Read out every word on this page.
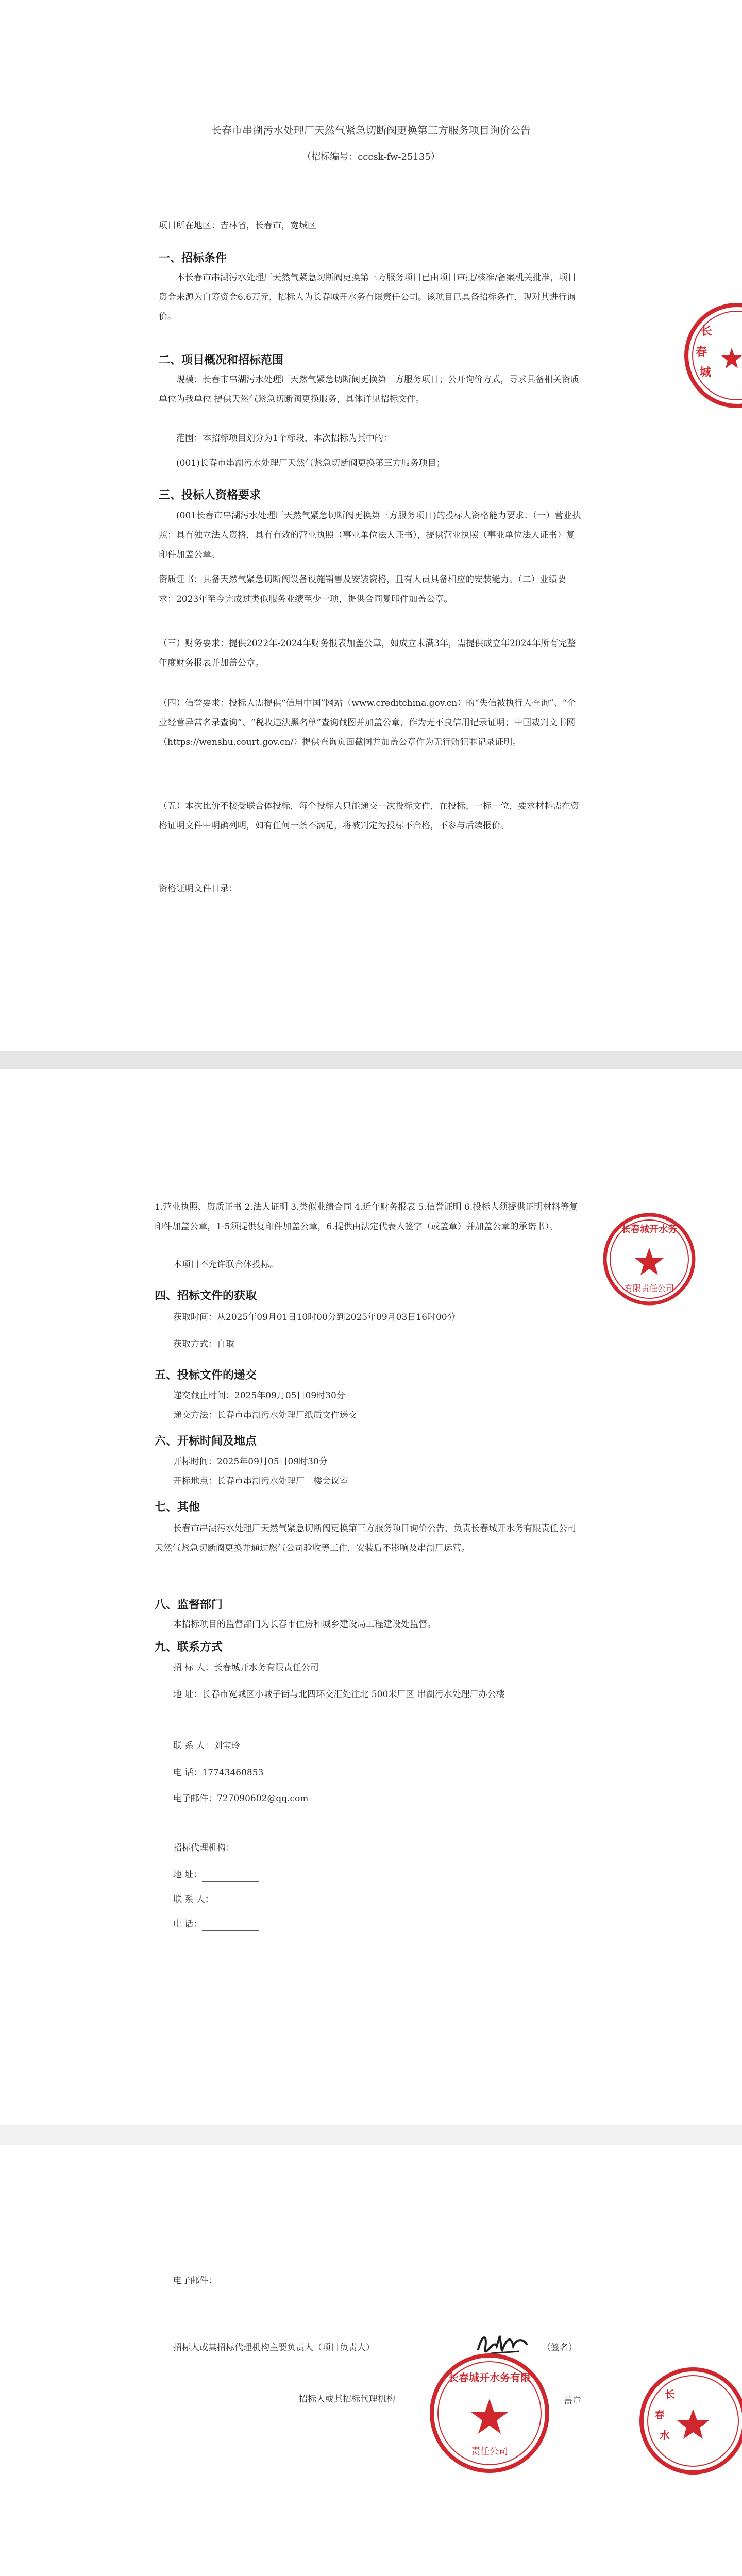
长春市串湖污水处理厂天然气紧急切断阀更换第三方服务项目询价公告
（招标编号：cccsk-fw-25135）
项目所在地区：吉林省，长春市，宽城区
一、招标条件
本长春市串湖污水处理厂天然气紧急切断阀更换第三方服务项目已由项目审批/核准/备案机关批准，项目资金来源为自筹资金6.6万元，招标人为长春城开水务有限责任公司。该项目已具备招标条件，现对其进行询价。
二、项目概况和招标范围
规模：长春市串湖污水处理厂天然气紧急切断阀更换第三方服务项目；公开询价方式，寻求具备相关资质单位为我单位 提供天然气紧急切断阀更换服务，具体详见招标文件。
范围：本招标项目划分为1个标段，本次招标为其中的：
(001)长春市串湖污水处理厂天然气紧急切断阀更换第三方服务项目；
三、投标人资格要求
(001长春市串湖污水处理厂天然气紧急切断阀更换第三方服务项目)的投标人资格能力要求：（一）营业执照：具有独立法人资格，具有有效的营业执照（事业单位法人证书），提供营业执照（事业单位法人证书）复印件加盖公章。
资质证书：具备天然气紧急切断阀设备设施销售及安装资格，且有人员具备相应的安装能力。（二）业绩要求：2023年至今完成过类似服务业绩至少一项，提供合同复印件加盖公章。
（三）财务要求：提供2022年-2024年财务报表加盖公章，如成立未满3年，需提供成立年2024年所有完整年度财务报表并加盖公章。
（四）信誉要求：投标人需提供“信用中国”网站（www.creditchina.gov.cn）的“失信被执行人查询”、“企业经营异常名录查询”、“税收违法黑名单”查询截图并加盖公章，作为无不良信用记录证明；中国裁判文书网（https://wenshu.court.gov.cn/）提供查询页面截图并加盖公章作为无行贿犯罪记录证明。
（五）本次比价不接受联合体投标，每个投标人只能递交一次投标文件，在投标、一标一位，要求材料需在资格证明文件中明确列明，如有任何一条不满足，将被判定为投标不合格，不参与后续报价。
资格证明文件目录：
长
春
城
1.营业执照、资质证书 2.法人证明 3.类似业绩合同 4.近年财务报表 5.信誉证明 6.投标人须提供证明材料等复印件加盖公章，1-5须提供复印件加盖公章，6.提供由法定代表人签字（或盖章）并加盖公章的承诺书）。
本项目不允许联合体投标。
四、招标文件的获取
获取时间：从2025年09月01日10时00分到2025年09月03日16时00分
获取方式：自取
五、投标文件的递交
递交截止时间：2025年09月05日09时30分
递交方法：长春市串湖污水处理厂纸质文件递交
六、开标时间及地点
开标时间：2025年09月05日09时30分
开标地点：长春市串湖污水处理厂二楼会议室
七、其他
长春市串湖污水处理厂天然气紧急切断阀更换第三方服务项目询价公告，负责长春城开水务有限责任公司天然气紧急切断阀更换并通过燃气公司验收等工作，安装后不影响及串湖厂运营。
八、监督部门
本招标项目的监督部门为长春市住房和城乡建设局工程建设处监督。
九、联系方式
招 标 人：长春城开水务有限责任公司
地 址：长春市宽城区小城子街与北四环交汇处往北 500米厂区 串湖污水处理厂办公楼
联 系 人：刘宝玲
电 话：17743460853
电子邮件：727090602@qq.com
招标代理机构：
地 址：
联 系 人：
电 话：
长春城开水务
有限责任公司
电子邮件：
招标人或其招标代理机构主要负责人（项目负责人）	（签名）
招标人或其招标代理机构	盖章
长春城开水务有限
责任公司
长
春
水
